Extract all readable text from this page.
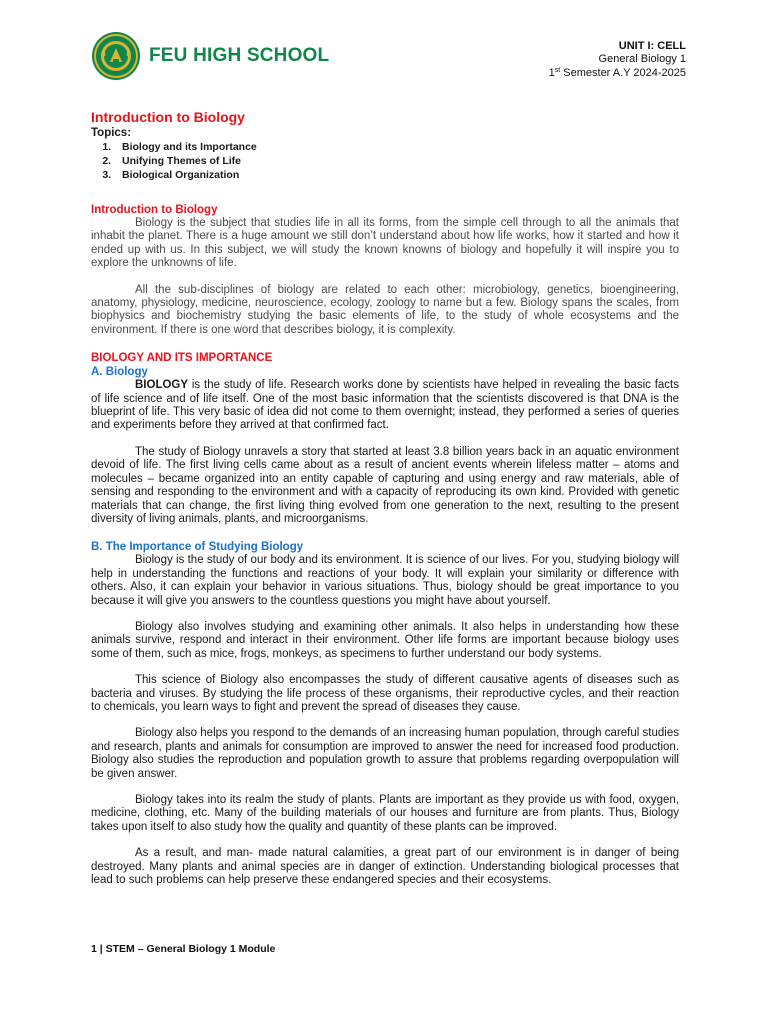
FEU HIGH SCHOOL	UNIT I: CELL
General Biology 1
1st Semester A.Y 2024-2025
Introduction to Biology

Topics:

1. Biology and its Importance
2. Unifying Themes of Life
3. Biological Organization
Introduction to Biology

Biology is the subject that studies life in all its forms, from the simple cell through to all the animals that inhabit the planet. There is a huge amount we still don’t understand about how life works, how it started and how it ended up with us. In this subject, we will study the known knowns of biology and hopefully it will inspire you to explore the unknowns of life.

All the sub-disciplines of biology are related to each other: microbiology, genetics, bioengineering, anatomy, physiology, medicine, neuroscience, ecology, zoology to name but a few. Biology spans the scales, from biophysics and biochemistry studying the basic elements of life, to the study of whole ecosystems and the environment. If there is one word that describes biology, it is complexity.

BIOLOGY AND ITS IMPORTANCE
A. Biology

BIOLOGY is the study of life. Research works done by scientists have helped in revealing the basic facts of life science and of life itself. One of the most basic information that the scientists discovered is that DNA is the blueprint of life. This very basic of idea did not come to them overnight; instead, they performed a series of queries and experiments before they arrived at that confirmed fact.

The study of Biology unravels a story that started at least 3.8 billion years back in an aquatic environment devoid of life. The first living cells came about as a result of ancient events wherein lifeless matter – atoms and molecules – became organized into an entity capable of capturing and using energy and raw materials, able of sensing and responding to the environment and with a capacity of reproducing its own kind. Provided with genetic materials that can change, the first living thing evolved from one generation to the next, resulting to the present diversity of living animals, plants, and microorganisms.

B. The Importance of Studying Biology

Biology is the study of our body and its environment. It is science of our lives. For you, studying biology will help in understanding the functions and reactions of your body. It will explain your similarity or difference with others. Also, it can explain your behavior in various situations. Thus, biology should be great importance to you because it will give you answers to the countless questions you might have about yourself.

Biology also involves studying and examining other animals. It also helps in understanding how these animals survive, respond and interact in their environment. Other life forms are important because biology uses some of them, such as mice, frogs, monkeys, as specimens to further understand our body systems.

This science of Biology also encompasses the study of different causative agents of diseases such as bacteria and viruses. By studying the life process of these organisms, their reproductive cycles, and their reaction to chemicals, you learn ways to fight and prevent the spread of diseases they cause.

Biology also helps you respond to the demands of an increasing human population, through careful studies and research, plants and animals for consumption are improved to answer the need for increased food production. Biology also studies the reproduction and population growth to assure that problems regarding overpopulation will be given answer.

Biology takes into its realm the study of plants. Plants are important as they provide us with food, oxygen, medicine, clothing, etc. Many of the building materials of our houses and furniture are from plants. Thus, Biology takes upon itself to also study how the quality and quantity of these plants can be improved.

As a result, and man- made natural calamities, a great part of our environment is in danger of being destroyed. Many plants and animal species are in danger of extinction. Understanding biological processes that lead to such problems can help preserve these endangered species and their ecosystems.

1 | STEM – General Biology 1 Module
